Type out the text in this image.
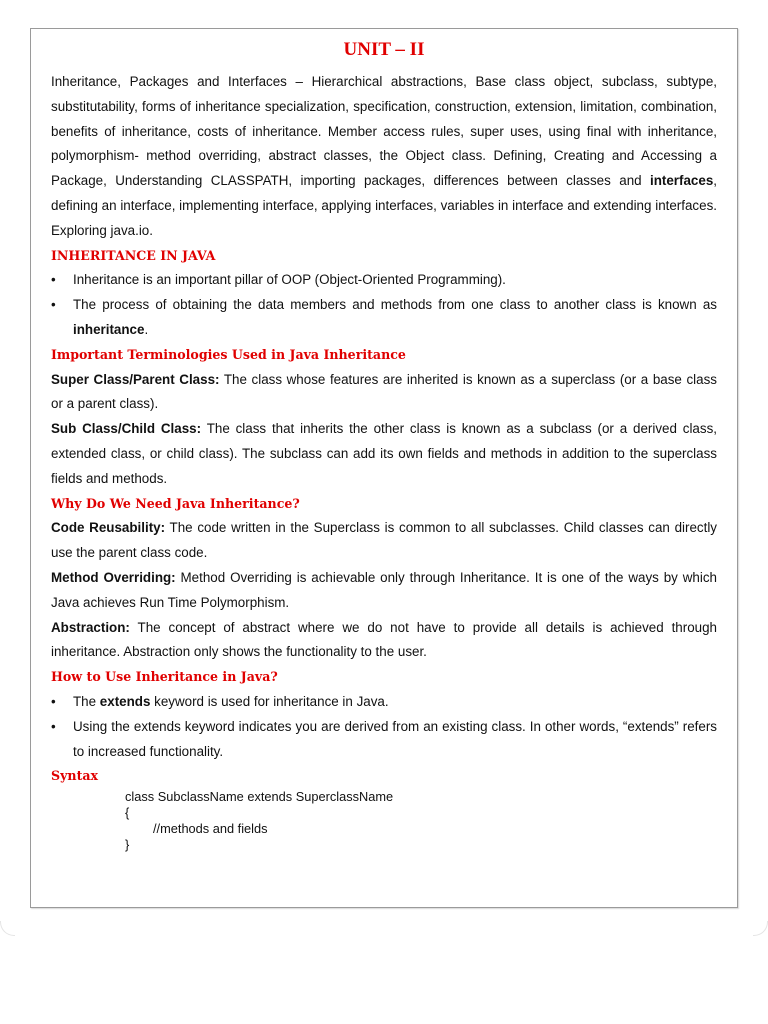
UNIT – II

Inheritance, Packages and Interfaces – Hierarchical abstractions, Base class object, subclass, subtype, substitutability, forms of inheritance specialization, specification, construction, extension, limitation, combination, benefits of inheritance, costs of inheritance. Member access rules, super uses, using final with inheritance, polymorphism- method overriding, abstract classes, the Object class. Defining, Creating and Accessing a Package, Understanding CLASSPATH, importing packages, differences between classes and interfaces, defining an interface, implementing interface, applying interfaces, variables in interface and extending interfaces. Exploring java.io.

INHERITANCE IN JAVA

• Inheritance is an important pillar of OOP (Object-Oriented Programming).
• The process of obtaining the data members and methods from one class to another class is known as inheritance.

Important Terminologies Used in Java Inheritance

Super Class/Parent Class: The class whose features are inherited is known as a superclass (or a base class or a parent class).

Sub Class/Child Class: The class that inherits the other class is known as a subclass (or a derived class, extended class, or child class). The subclass can add its own fields and methods in addition to the superclass fields and methods.

Why Do We Need Java Inheritance?

Code Reusability: The code written in the Superclass is common to all subclasses. Child classes can directly use the parent class code.

Method Overriding: Method Overriding is achievable only through Inheritance. It is one of the ways by which Java achieves Run Time Polymorphism.

Abstraction: The concept of abstract where we do not have to provide all details is achieved through inheritance. Abstraction only shows the functionality to the user.

How to Use Inheritance in Java?

• The extends keyword is used for inheritance in Java.
• Using the extends keyword indicates you are derived from an existing class. In other words, “extends” refers to increased functionality.

Syntax

class SubclassName extends SuperclassName
{
//methods and fields
}
